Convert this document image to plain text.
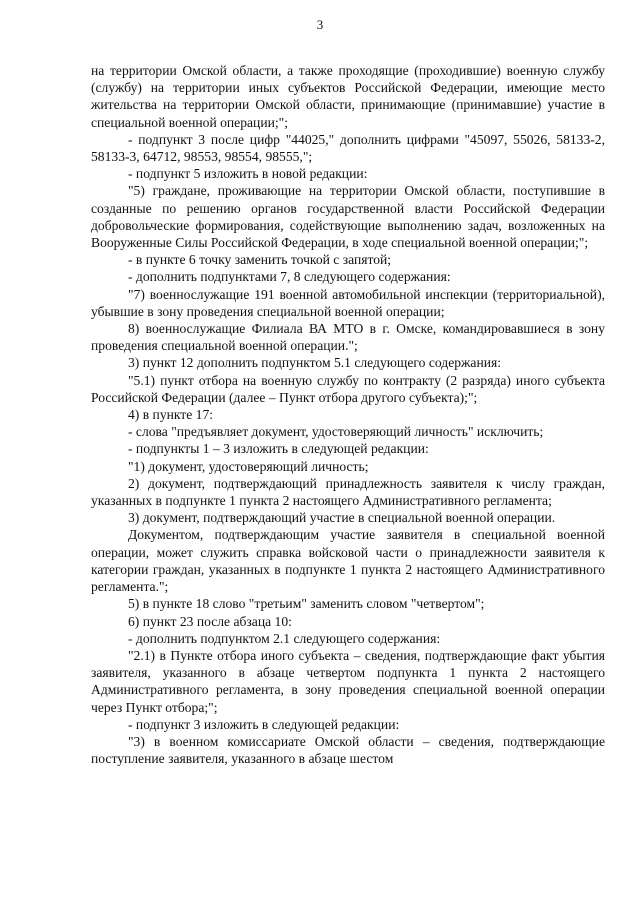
3

на территории Омской области, а также проходящие (проходившие) военную службу (службу) на территории иных субъектов Российской Федерации, имеющие место жительства на территории Омской области, принимающие (принимавшие) участие в специальной военной операции;";

- подпункт 3 после цифр "44025," дополнить цифрами "45097, 55026, 58133-2, 58133-3, 64712, 98553, 98554, 98555,";

- подпункт 5 изложить в новой редакции:

"5) граждане, проживающие на территории Омской области, поступившие в созданные по решению органов государственной власти Российской Федерации добровольческие формирования, содействующие выполнению задач, возложенных на Вооруженные Силы Российской Федерации, в ходе специальной военной операции;";

- в пункте 6 точку заменить точкой с запятой;

- дополнить подпунктами 7, 8 следующего содержания:

"7) военнослужащие 191 военной автомобильной инспекции (территориальной), убывшие в зону проведения специальной военной операции;

8) военнослужащие Филиала ВА МТО в г. Омске, командировавшиеся в зону проведения специальной военной операции.";

3) пункт 12 дополнить подпунктом 5.1 следующего содержания:

"5.1) пункт отбора на военную службу по контракту (2 разряда) иного субъекта Российской Федерации (далее – Пункт отбора другого субъекта);";

4) в пункте 17:

- слова "предъявляет документ, удостоверяющий личность" исключить;

- подпункты 1 – 3 изложить в следующей редакции:

"1) документ, удостоверяющий личность;

2) документ, подтверждающий принадлежность заявителя к числу граждан, указанных в подпункте 1 пункта 2 настоящего Административного регламента;

3) документ, подтверждающий участие в специальной военной операции.

Документом, подтверждающим участие заявителя в специальной военной операции, может служить справка войсковой части о принадлежности заявителя к категории граждан, указанных в подпункте 1 пункта 2 настоящего Административного регламента.";

5) в пункте 18 слово "третьим" заменить словом "четвертом";

6) пункт 23 после абзаца 10:

- дополнить подпунктом 2.1 следующего содержания:

"2.1) в Пункте отбора иного субъекта – сведения, подтверждающие факт убытия заявителя, указанного в абзаце четвертом подпункта 1 пункта 2 настоящего Административного регламента, в зону проведения специальной военной операции через Пункт отбора;";

- подпункт 3 изложить в следующей редакции:

"3) в военном комиссариате Омской области – сведения, подтверждающие поступление заявителя, указанного в абзаце шестом
